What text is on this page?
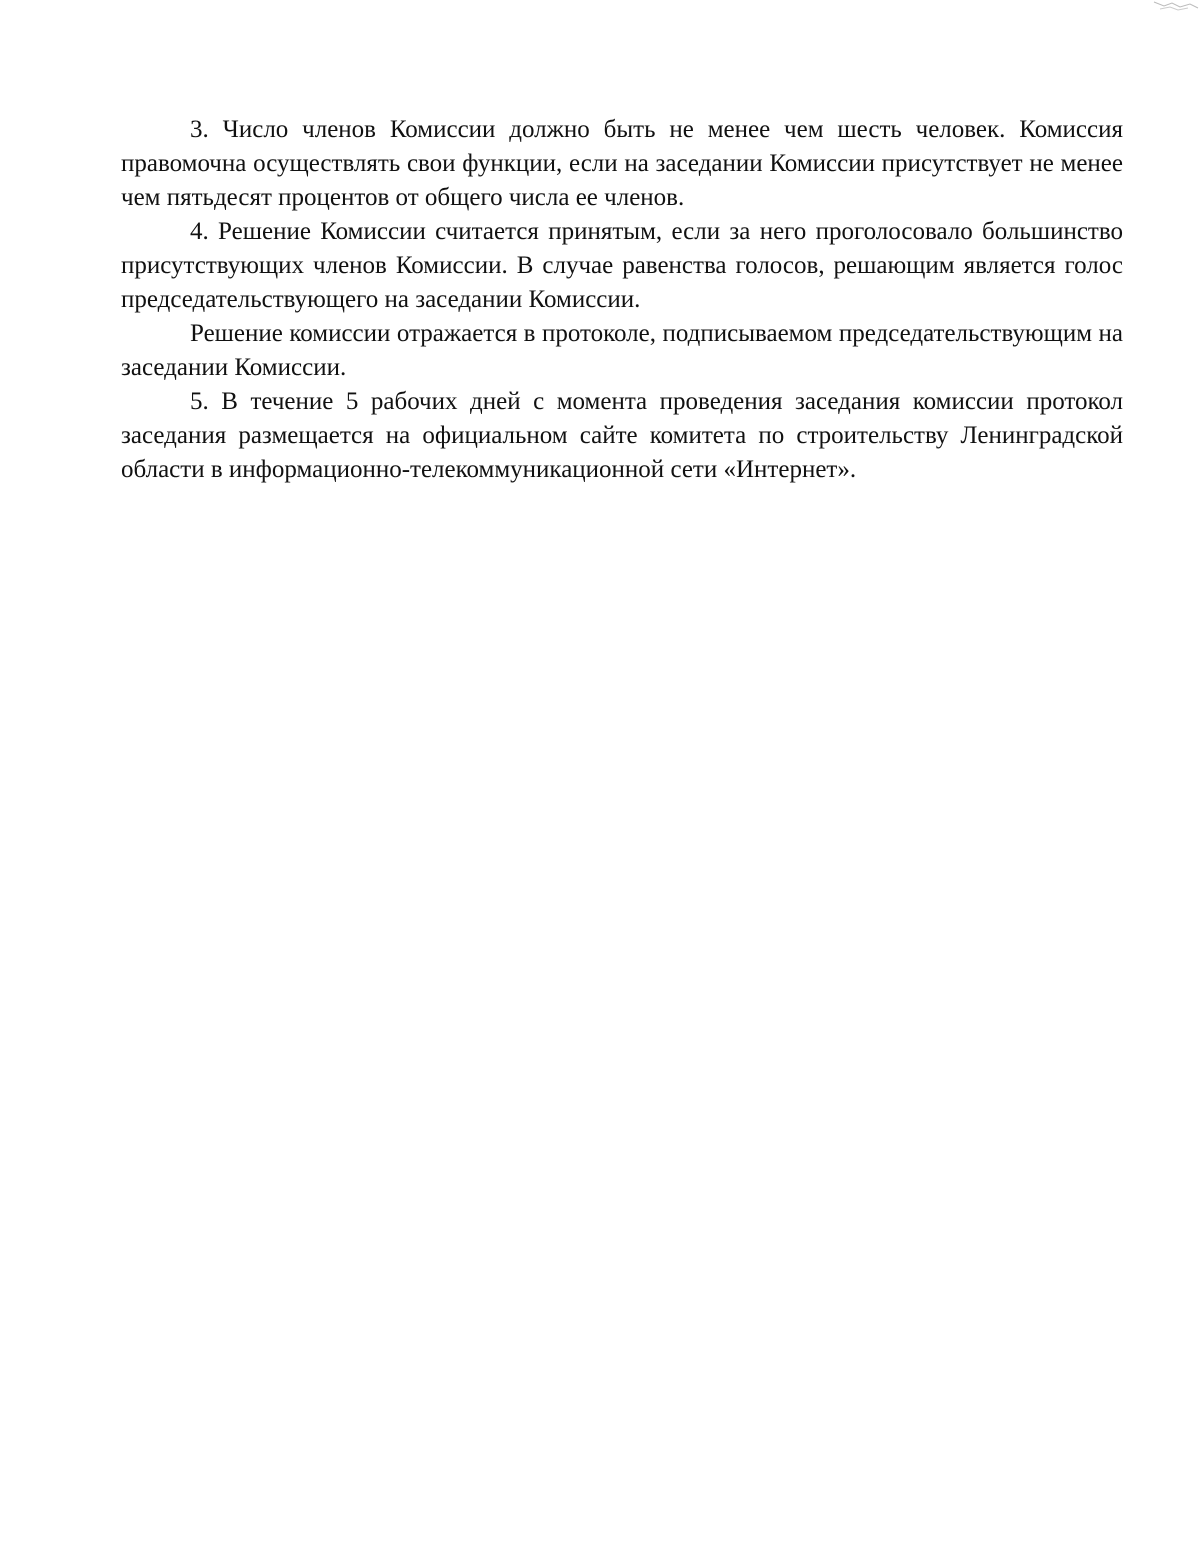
3. Число членов Комиссии должно быть не менее чем шесть человек. Комиссия правомочна осуществлять свои функции, если на заседании Комиссии присутствует не менее чем пятьдесят процентов от общего числа ее членов.

4. Решение Комиссии считается принятым, если за него проголосовало большинство присутствующих членов Комиссии. В случае равенства голосов, решающим является голос председательствующего на заседании Комиссии.

Решение комиссии отражается в протоколе, подписываемом председательствующим на заседании Комиссии.

5. В течение 5 рабочих дней с момента проведения заседания комиссии протокол заседания размещается на официальном сайте комитета по строительству Ленинградской области в информационно-телекоммуникационной сети «Интернет».
